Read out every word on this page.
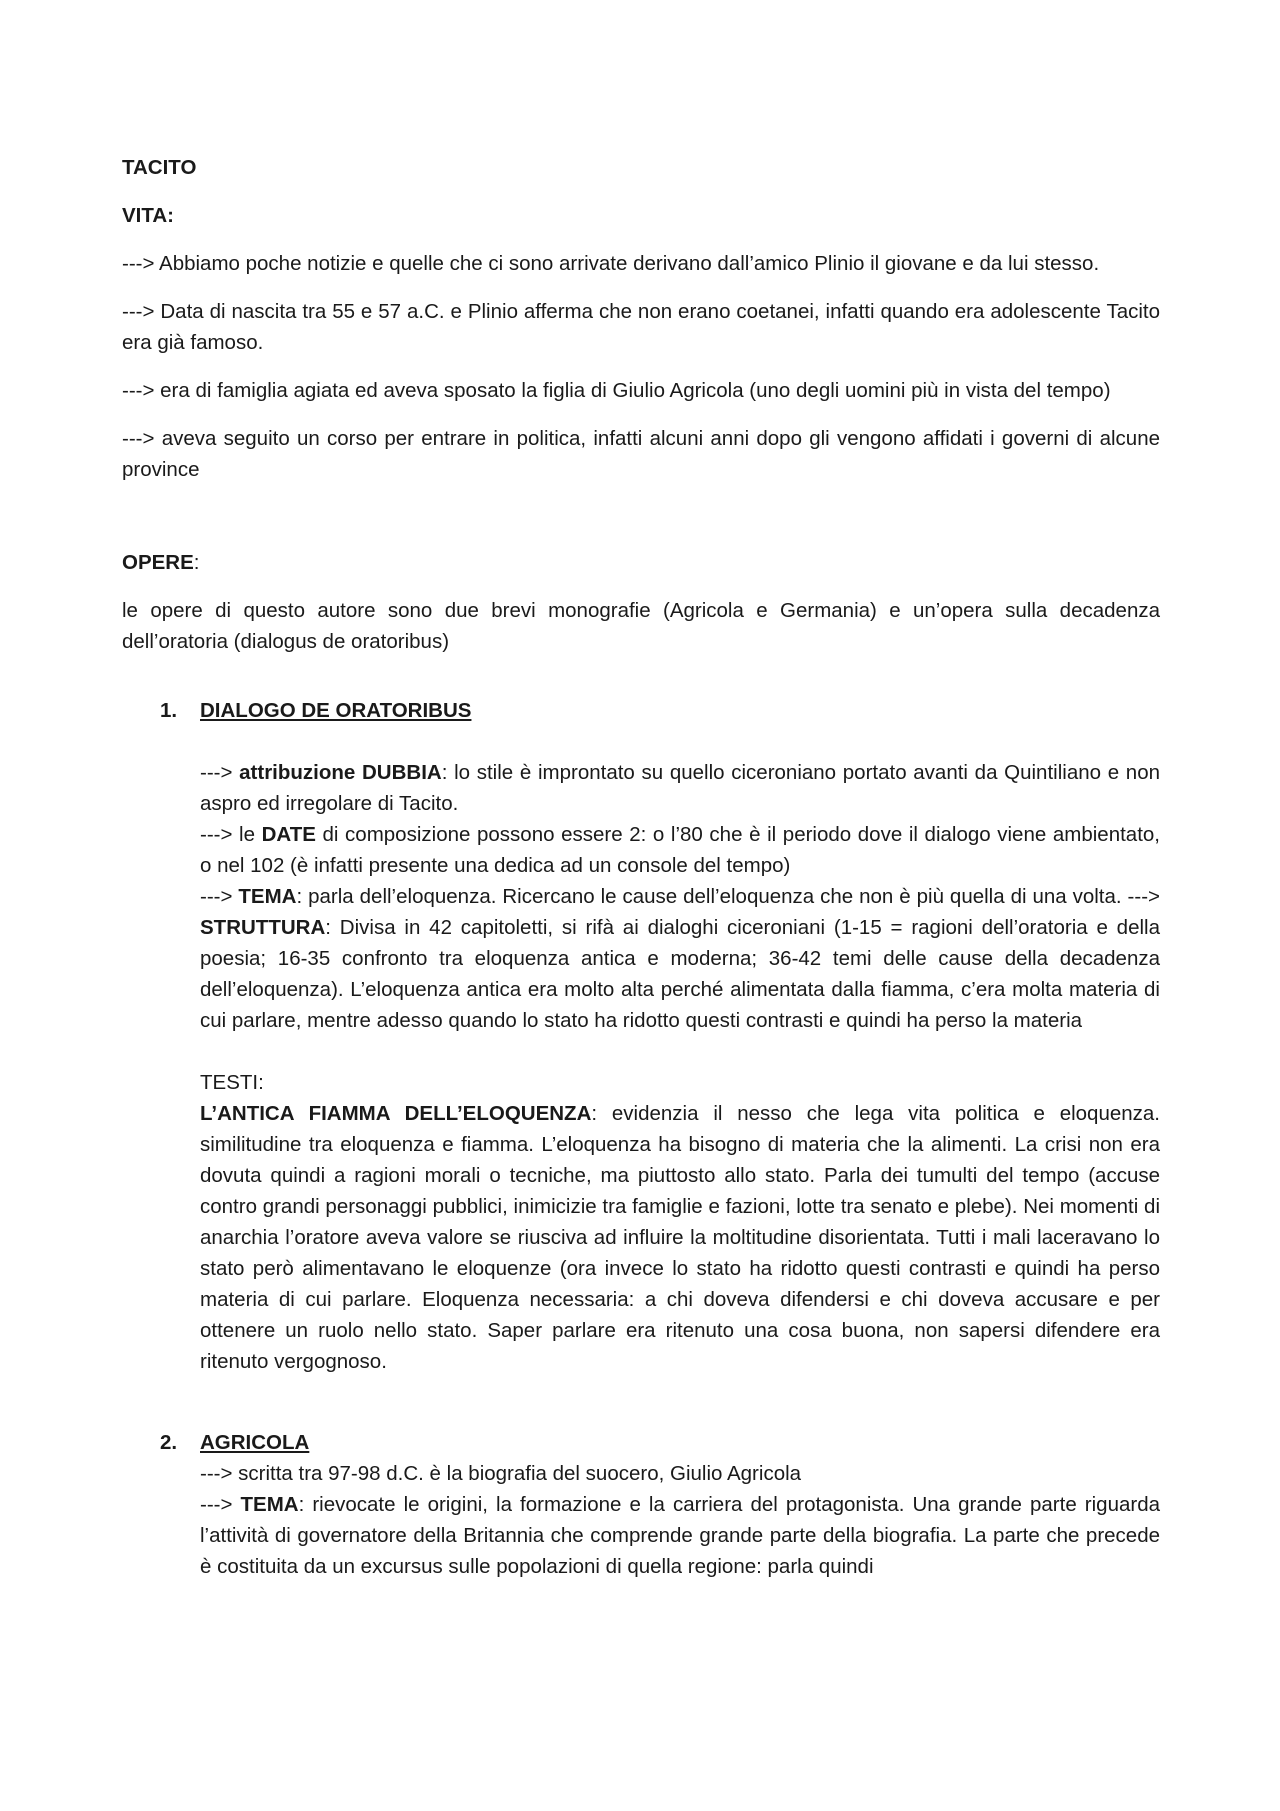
TACITO

VITA:

---> Abbiamo poche notizie e quelle che ci sono arrivate derivano dall’amico Plinio il giovane e da lui stesso.

---> Data di nascita tra 55 e 57 a.C. e Plinio afferma che non erano coetanei, infatti quando era adolescente Tacito era già famoso.

---> era di famiglia agiata ed aveva sposato la figlia di Giulio Agricola (uno degli uomini più in vista del tempo)

---> aveva seguito un corso per entrare in politica, infatti alcuni anni dopo gli vengono affidati i governi di alcune province

OPERE:

le opere di questo autore sono due brevi monografie (Agricola e Germania) e un’opera sulla decadenza dell’oratoria (dialogus de oratoribus)

1. DIALOGO DE ORATORIBUS

---> attribuzione DUBBIA: lo stile è improntato su quello ciceroniano portato avanti da Quintiliano e non aspro ed irregolare di Tacito.

---> le DATE di composizione possono essere 2: o l’80 che è il periodo dove il dialogo viene ambientato, o nel 102 (è infatti presente una dedica ad un console del tempo)

---> TEMA: parla dell’eloquenza. Ricercano le cause dell’eloquenza che non è più quella di una volta. ---> STRUTTURA: Divisa in 42 capitoletti, si rifà ai dialoghi ciceroniani (1-15 = ragioni dell’oratoria e della poesia; 16-35 confronto tra eloquenza antica e moderna; 36-42 temi delle cause della decadenza dell’eloquenza). L’eloquenza antica era molto alta perché alimentata dalla fiamma, c’era molta materia di cui parlare, mentre adesso quando lo stato ha ridotto questi contrasti e quindi ha perso la materia

TESTI:

L’ANTICA FIAMMA DELL’ELOQUENZA: evidenzia il nesso che lega vita politica e eloquenza. similitudine tra eloquenza e fiamma. L’eloquenza ha bisogno di materia che la alimenti. La crisi non era dovuta quindi a ragioni morali o tecniche, ma piuttosto allo stato. Parla dei tumulti del tempo (accuse contro grandi personaggi pubblici, inimicizie tra famiglie e fazioni, lotte tra senato e plebe). Nei momenti di anarchia l’oratore aveva valore se riusciva ad influire la moltitudine disorientata. Tutti i mali laceravano lo stato però alimentavano le eloquenze (ora invece lo stato ha ridotto questi contrasti e quindi ha perso materia di cui parlare. Eloquenza necessaria: a chi doveva difendersi e chi doveva accusare e per ottenere un ruolo nello stato. Saper parlare era ritenuto una cosa buona, non sapersi difendere era ritenuto vergognoso.

2. AGRICOLA

---> scritta tra 97-98 d.C. è la biografia del suocero, Giulio Agricola

---> TEMA: rievocate le origini, la formazione e la carriera del protagonista. Una grande parte riguarda l’attività di governatore della Britannia che comprende grande parte della biografia. La parte che precede è costituita da un excursus sulle popolazioni di quella regione: parla quindi
